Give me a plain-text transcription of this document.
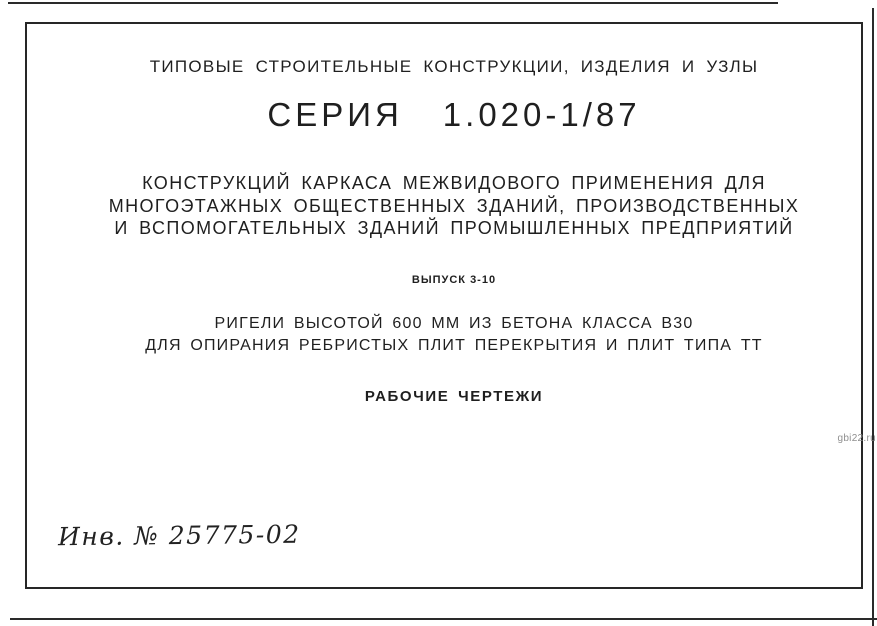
ТИПОВЫЕ СТРОИТЕЛЬНЫЕ КОНСТРУКЦИИ, ИЗДЕЛИЯ И УЗЛЫ
СЕРИЯ 1.020-1/87
КОНСТРУКЦИЙ КАРКАСА МЕЖВИДОВОГО ПРИМЕНЕНИЯ ДЛЯ
МНОГОЭТАЖНЫХ ОБЩЕСТВЕННЫХ ЗДАНИЙ, ПРОИЗВОДСТВЕННЫХ
И ВСПОМОГАТЕЛЬНЫХ ЗДАНИЙ ПРОМЫШЛЕННЫХ ПРЕДПРИЯТИЙ
ВЫПУСК 3-10
РИГЕЛИ ВЫСОТОЙ 600 ММ ИЗ БЕТОНА КЛАССА В30
ДЛЯ ОПИРАНИЯ РЕБРИСТЫХ ПЛИТ ПЕРЕКРЫТИЯ И ПЛИТ ТИПА ТТ
РАБОЧИЕ ЧЕРТЕЖИ
Инв. № 25775-02
gbi22.ru
